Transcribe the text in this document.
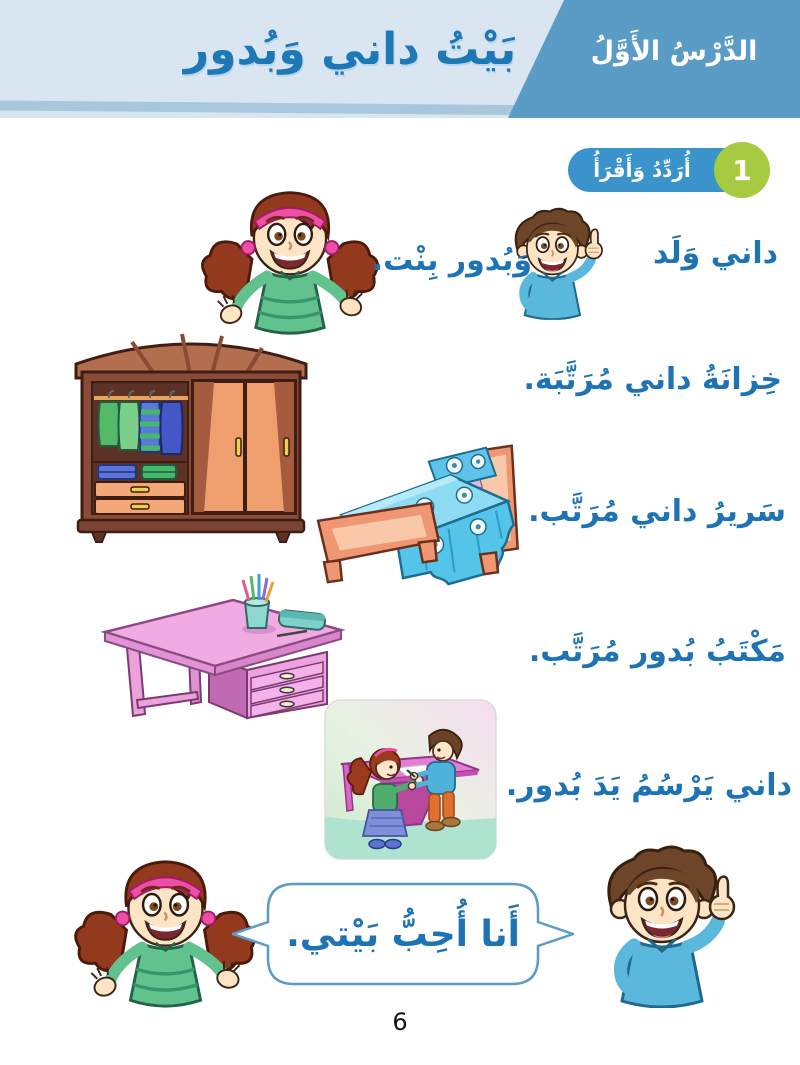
الدَّرْسُ الأَوَّلُ
بَيْتُ داني وَبُدور
أُرَدِّدُ وَأَقْرَأُ	1
داني وَلَد
وَبُدور بِنْت.
خِزانَةُ داني مُرَتَّبَة.
سَريرُ داني مُرَتَّب.
مَكْتَبُ بُدور مُرَتَّب.
داني يَرْسُمُ يَدَ بُدور.
أَنا أُحِبُّ بَيْتي.
6
